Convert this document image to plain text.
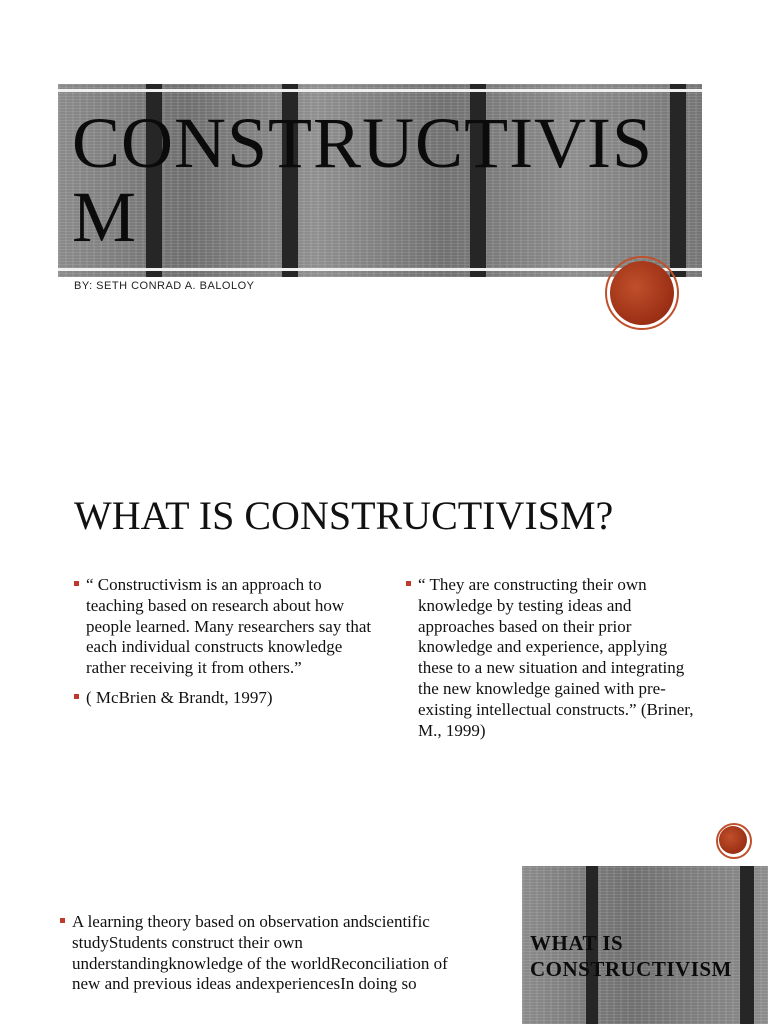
CONSTRUCTIVISM
BY: SETH CONRAD A. BALOLOY
WHAT IS CONSTRUCTIVISM?
“ Constructivism is an approach to teaching based on research about how people learned. Many researchers say that each individual constructs knowledge rather receiving it from others.”
( McBrien & Brandt, 1997)
“ They are constructing their own knowledge by testing ideas and approaches based on their prior knowledge and experience, applying these to a new situation and integrating the new knowledge gained with pre-existing intellectual constructs.” (Briner, M., 1999)
A learning theory based on observation andscientific studyStudents construct their own understandingknowledge of the worldReconciliation of new and previous ideas andexperiencesIn doing so
WHAT IS CONSTRUCTIVISM
